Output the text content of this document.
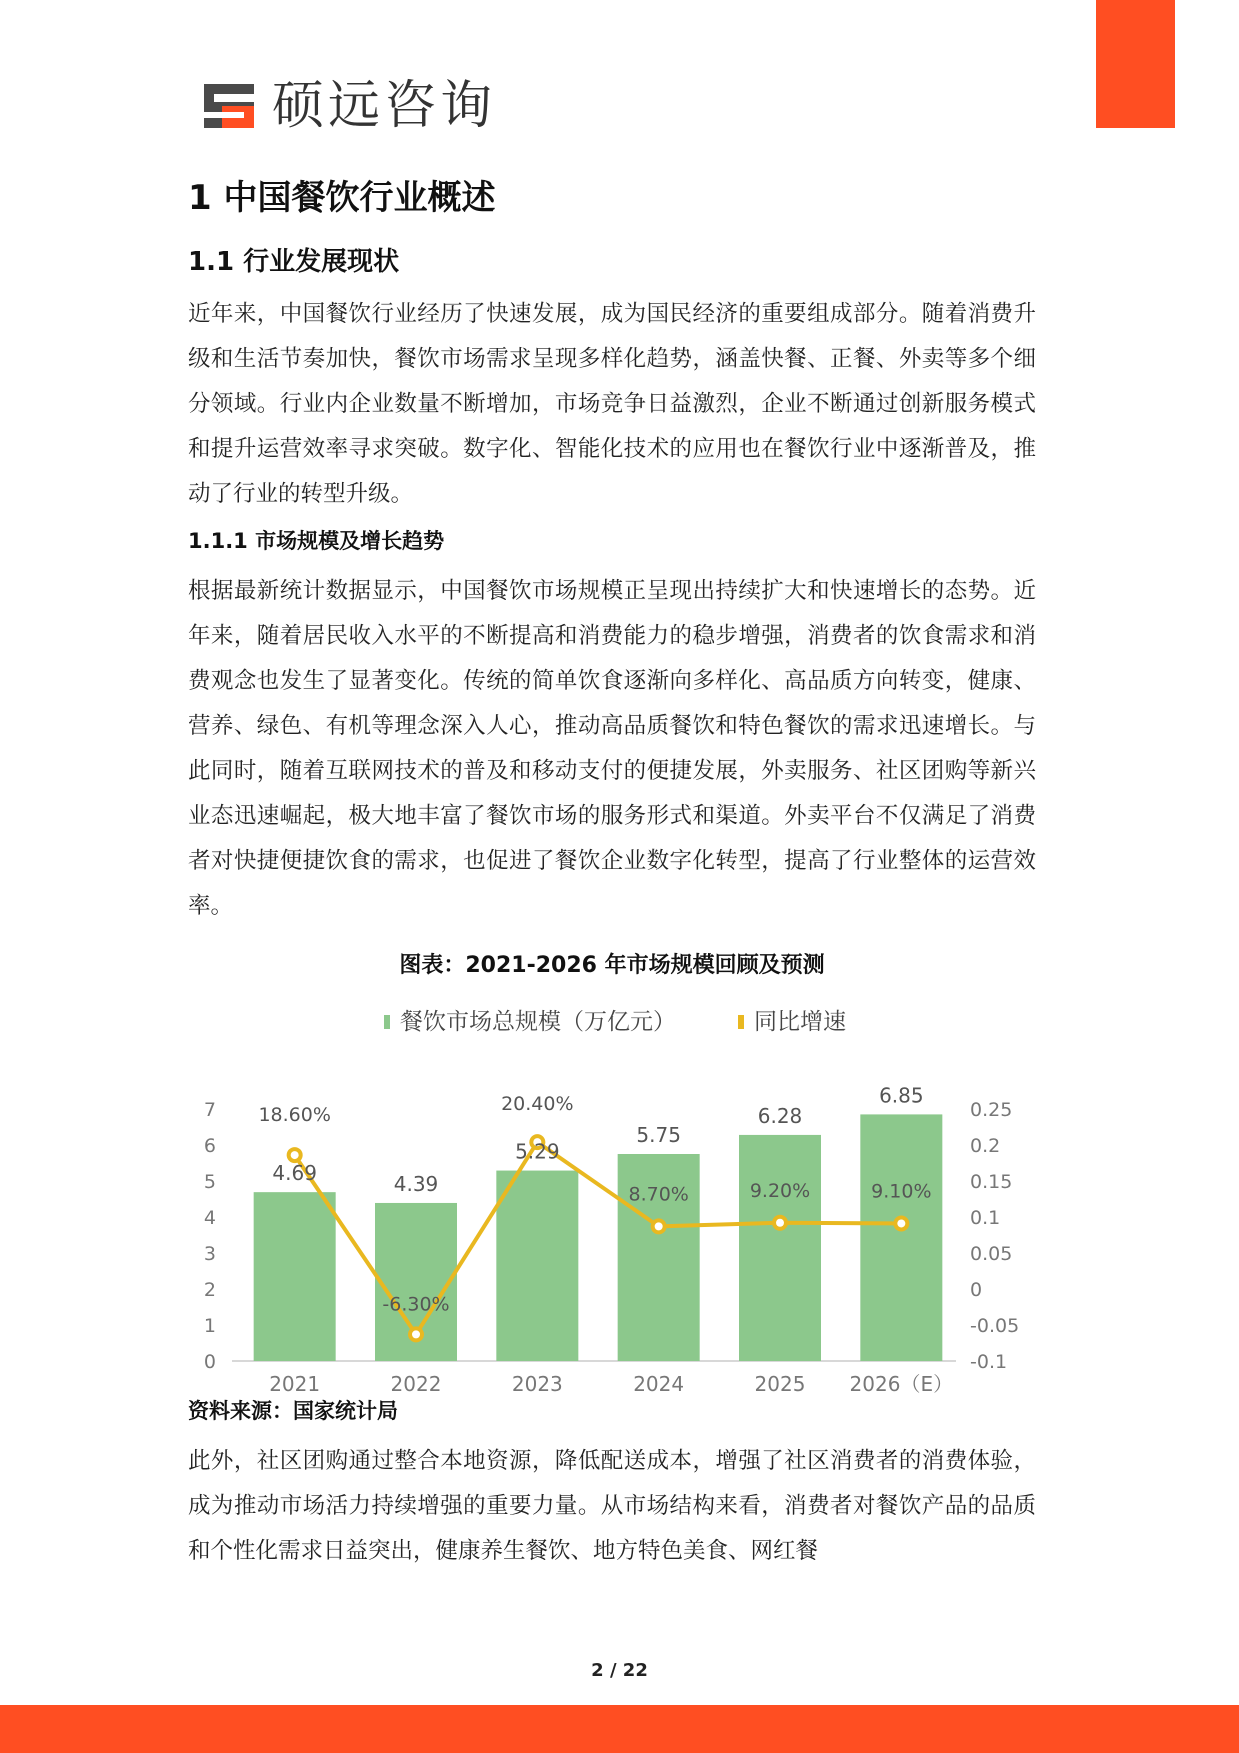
硕远咨询
1 中国餐饮行业概述
1.1 行业发展现状

近年来，中国餐饮行业经历了快速发展，成为国民经济的重要组成部分。随着消费升级和生活节奏加快，餐饮市场需求呈现多样化趋势，涵盖快餐、正餐、外卖等多个细分领域。行业内企业数量不断增加，市场竞争日益激烈，企业不断通过创新服务模式和提升运营效率寻求突破。数字化、智能化技术的应用也在餐饮行业中逐渐普及，推动了行业的转型升级。

1.1.1 市场规模及增长趋势

根据最新统计数据显示，中国餐饮市场规模正呈现出持续扩大和快速增长的态势。近年来，随着居民收入水平的不断提高和消费能力的稳步增强，消费者的饮食需求和消费观念也发生了显著变化。传统的简单饮食逐渐向多样化、高品质方向转变，健康、营养、绿色、有机等理念深入人心，推动高品质餐饮和特色餐饮的需求迅速增长。与此同时，随着互联网技术的普及和移动支付的便捷发展，外卖服务、社区团购等新兴业态迅速崛起，极大地丰富了餐饮市场的服务形式和渠道。外卖平台不仅满足了消费者对快捷便捷饮食的需求，也促进了餐饮企业数字化转型，提高了行业整体的运营效率。

图表：2021-2026 年市场规模回顾及预测
餐饮市场总规模（万亿元）	同比增速
0
1
2
3
4
5
6
7
-0.1
-0.05
0
0.05
0.1
0.15
0.2
0.25
2021	2022	2023	2024	2025 2026（E）
4.69	4.39
5.29
5.75
6.28
6.85
18.60%
-6.30%
20.40%
8.70%	9.20%	9.10%
资料来源：国家统计局

此外，社区团购通过整合本地资源，降低配送成本，增强了社区消费者的消费体验，成为推动市场活力持续增强的重要力量。从市场结构来看，消费者对餐饮产品的品质和个性化需求日益突出，健康养生餐饮、地方特色美食、网红餐

2 / 22
